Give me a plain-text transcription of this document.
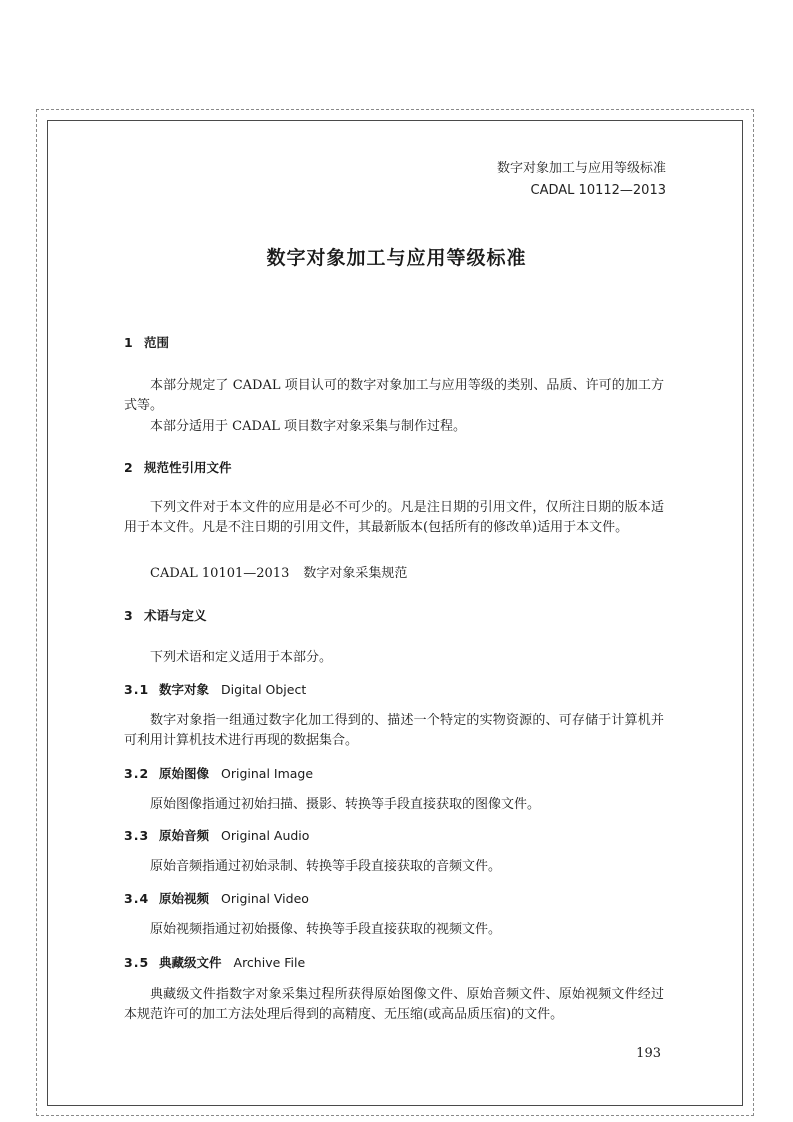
数字对象加工与应用等级标准
CADAL 10112—2013
数字对象加工与应用等级标准
1 范围
本部分规定了 CADAL 项目认可的数字对象加工与应用等级的类别、品质、许可的加工方式等。
本部分适用于 CADAL 项目数字对象采集与制作过程。
2 规范性引用文件
下列文件对于本文件的应用是必不可少的。凡是注日期的引用文件，仅所注日期的版本适用于本文件。凡是不注日期的引用文件，其最新版本(包括所有的修改单)适用于本文件。
CADAL 10101—2013 数字对象采集规范
3 术语与定义
下列术语和定义适用于本部分。
3.1 数字对象 Digital Object
数字对象指一组通过数字化加工得到的、描述一个特定的实物资源的、可存储于计算机并可利用计算机技术进行再现的数据集合。
3.2 原始图像 Original Image
原始图像指通过初始扫描、摄影、转换等手段直接获取的图像文件。
3.3 原始音频 Original Audio
原始音频指通过初始录制、转换等手段直接获取的音频文件。
3.4 原始视频 Original Video
原始视频指通过初始摄像、转换等手段直接获取的视频文件。
3.5 典藏级文件 Archive File
典藏级文件指数字对象采集过程所获得原始图像文件、原始音频文件、原始视频文件经过本规范许可的加工方法处理后得到的高精度、无压缩(或高品质压宿)的文件。
193
